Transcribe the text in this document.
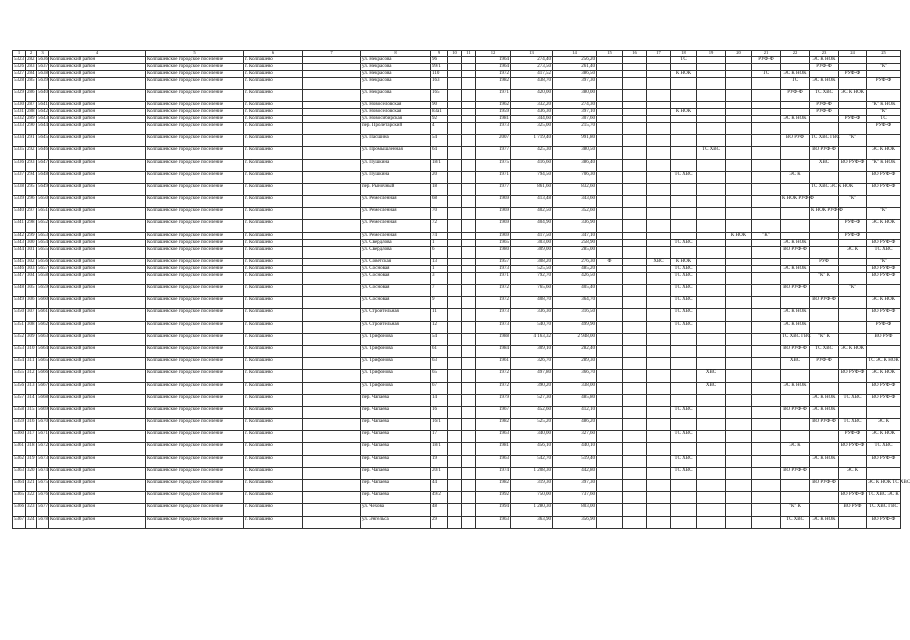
1	2	3	4	5	6	7	8	9	10	11	12	13	14	15	16	17	18	19	20	21	22	23	24	25
5323	282	5636	Колпашевский район	Колпашевское городское поселение	г. Колпашево		ул. Некрасова	96			1964	274,40	256,20				ТС			РУФ-Ф		ЭС К НОК		
5326	283	5637	Колпашевский район	Колпашевское городское поселение	г. Колпашево		ул. Некрасова	99/1			1964	273,50	261,40									РУФ-Ф		"К"
5327	284	5638	Колпашевский район	Колпашевское городское поселение	г. Колпашево		ул. Некрасова	110			1972	417,52	386,50				К НОК			ТС	ЭС К НОК		РУФ-Ф	
5328	285	5639	Колпашевский район	Колпашевское городское поселение	г. Колпашево		ул. Некрасова	163			1982	438,70	397,30								ТС	ЭС К НОК		РУФ-Ф
5329	286	5640	Колпашевский район	Колпашевское городское поселение	г. Колпашево		ул. Некрасова	165			1971	420,00	380,00								РУФ-Ф	ТС ХВС	ЭС К НОК	
5330	287	5641	Колпашевский район	Колпашевское городское поселение	г. Колпашево		ул. Новоселовская	90			1962	332,20	274,30									РУФ-Ф		"К" К НОК
5331	288	5642	Колпашевский район	Колпашевское городское поселение	г. Колпашево		ул. Новоселовская	83а1			1959	436,30	397,10				К НОК					РУФ-Ф		"К"
5332	289	5643	Колпашевский район	Колпашевское городское поселение	г. Колпашево		ул. Новосибирская	92			1981	344,60	307,60								ЭС К НОК		РУФ-Ф	ТС
5333	290	5644	Колпашевский район	Колпашевское городское поселение	г. Колпашево		пер. Пролетарский	4			1973	325,00	215,70											РУФ-Ф
5334	291	5645	Колпашевский район	Колпашевское городское поселение	г. Колпашево		ул. Пасшина	54			2007	1 719,40	991,80								ВО РУФ	ТС ХВС ГВС	"К"	
5335	292	5646	Колпашевский район	Колпашевское городское поселение	г. Колпашево		ул. Промышленная	64			1977	425,30	380,50					ТС ХВС				ВО РУФ-Ф		ЭС К НОК
5336	293	5647	Колпашевский район	Колпашевское городское поселение	г. Колпашево		ул. Пушкина	18/1			1975	416,60	386,40									ХВС	ВО РУФ-Ф	"К" К НОК
5337	294	5648	Колпашевский район	Колпашевское городское поселение	г. Колпашево		ул. Пушкина	20			1971	794,50	706,30				ТС ХВС				ЭС К			ВО РУФ-Ф
5338	295	5649	Колпашевский район	Колпашевское городское поселение	г. Колпашево		пер. Рыночный	18			1977	861,60	832,60									ТС ХВС ЭС К НОК		ВО РУФ-Ф
5339	296	5650	Колпашевский район	Колпашевское городское поселение	г. Колпашево		ул. Ремесленная	68			1969	413,48	343,60								К НОК РУФ-Ф		"К"	
5340	297	5651	Колпашевский район	Колпашевское городское поселение	г. Колпашево		ул. Ремесленная	70			1969	402,50	352,60									К НОК РУФ-Ф		"К"
5341	298	5652	Колпашевский район	Колпашевское городское поселение	г. Колпашево		ул. Ремесленная	72			1969	404,90	336,90										РУФ-Ф	ЭС К НОК
5342	299	5653	Колпашевский район	Колпашевское городское поселение	г. Колпашево		ул. Ремесленная	74			1969	417,50	347,10						К НОК	"К"			РУФ-Ф	
5343	300	5654	Колпашевский район	Колпашевское городское поселение	г. Колпашево		ул. Свердлова	1			1965	303,00	258,90				ТС ХВС				ЭС К НОК			ВО РУФ-Ф
5344	301	5655	Колпашевский район	Колпашевское городское поселение	г. Колпашево		ул. Свердлова	6			1980	309,00	285,00								ВО РУФ-Ф		ЭС К	ТС ХВС
5345	302	5656	Колпашевский район	Колпашевское городское поселение	г. Колпашево		ул. Советская	13			1957	308,20	276,30	Ф		ХВС	К НОК					РУФ		"К"
5346	303	5657	Колпашевский район	Колпашевское городское поселение	г. Колпашево		ул. Сосновая	1			1973	525,50	485,20				ТС ХВС				ЭС К НОК			ВО РУФ-Ф
5347	304	5658	Колпашевский район	Колпашевское городское поселение	г. Колпашево		ул. Сосновая	3			1971	792,70	426,50				ТС ХВС					"К" К		ВО РУФ-Ф
5348	305	5659	Колпашевский район	Колпашевское городское поселение	г. Колпашево		ул. Сосновая	7			1972	765,60	405,40				ТС ХВС				ВО РУФ-Ф		"К"	
5349	306	5660	Колпашевский район	Колпашевское городское поселение	г. Колпашево		ул. Сосновая	9			1972	408,70	364,70				ТС ХВС					ВО РУФ-Ф		ЭС К НОК
5350	307	5661	Колпашевский район	Колпашевское городское поселение	г. Колпашево		ул. Строительная	11			1973	336,30	316,50				ТС ХВС				ЭС К НОК			ВО РУФ-Ф
5351	308	5662	Колпашевский район	Колпашевское городское поселение	г. Колпашево		ул. Строительная	12			1973	540,70	499,90				ТС ХВС				ЭС К НОК			РУФ-Ф
5352	309	5663	Колпашевский район	Колпашевское городское поселение	г. Колпашево		ул. Трифонова	54			1988	4 163,32	2 948,00								ТС ХВС ГВС	"К" К		ВО РУФ
5353	310	5664	Колпашевский район	Колпашевское городское поселение	г. Колпашево		ул. Трифонова	61			1984	309,10	282,40								ВО РУФ-Ф	ТС ХВС	ЭС К НОК	
5354	311	5665	Колпашевский район	Колпашевское городское поселение	г. Колпашево		ул. Трифонова	63			1961	326,70	289,30								ХВС	РУФ-Ф		ТС ЭС К НОК
5355	312	5666	Колпашевский район	Колпашевское городское поселение	г. Колпашево		ул. Трифонова	65			1972	497,80	366,70					ХВС					ВО РУФ-Ф	ЭС К НОК
5356	313	5667	Колпашевский район	Колпашевское городское поселение	г. Колпашево		ул. Трифонова	67			1972	390,20	338,00					ХВС			ЭС К НОК			ВО РУФ-Ф
5357	314	5668	Колпашевский район	Колпашевское городское поселение	г. Колпашево		пер. Чапаева	14			1979	527,30	485,80									ЭС К НОК	ТС ХВС	ВО РУФ-Ф
5358	315	5669	Колпашевский район	Колпашевское городское поселение	г. Колпашево		пер. Чапаева	16			1967	452,60	412,10				ТС ХВС				ВО РУФ-Ф	ЭС К НОК		
5359	316	5670	Колпашевский район	Колпашевское городское поселение	г. Колпашево		пер. Чапаева	16/1			1982	525,20	486,20									ВО РУФ-Ф	ТС ХВС	ЭС К
5360	317	5671	Колпашевский район	Колпашевское городское поселение	г. Колпашево		пер. Чапаева	17			1963	340,00	327,60				ТС ХВС						РУФ-Ф	ЭС К НОК
5361	318	5672	Колпашевский район	Колпашевское городское поселение	г. Колпашево		пер. Чапаева	18/1			1981	456,10	440,10								ЭС К		ВО РУФ-Ф	ТС ХВС
5362	319	5673	Колпашевский район	Колпашевское городское поселение	г. Колпашево		пер. Чапаева	19			1963	542,70	519,40				ТС ХВС					ЭС К НОК		ВО РУФ-Ф
5363	320	5674	Колпашевский район	Колпашевское городское поселение	г. Колпашево		пер. Чапаева	20/1			1974	1 208,30	442,80				ТС ХВС				ВО РУФ-Ф		ЭС К	
5364	321	5675	Колпашевский район	Колпашевское городское поселение	г. Колпашево		пер. Чапаева	44			1982	319,30	397,30									ВО РУФ-Ф		ЭС К НОК ТС ХВС
5365	322	5676	Колпашевский район	Колпашевское городское поселение	г. Колпашево		пер. Чапаева	49/2			1992	750,00	737,60										ВО РУФ-Ф	ТС ХВС ЭС К
5366	323	5677	Колпашевский район	Колпашевское городское поселение	г. Колпашево		ул. Чехова	48			1994	1 280,30	803,00								"К" К		ВО РУФ	ТС ХВС ГВС
5367	324	5678	Колпашевский район	Колпашевское городское поселение	г. Колпашево		ул. Энгельса	29			1963	363,90	356,90								ТС ХВС	ЭС К НОК		ВО РУФ-Ф
